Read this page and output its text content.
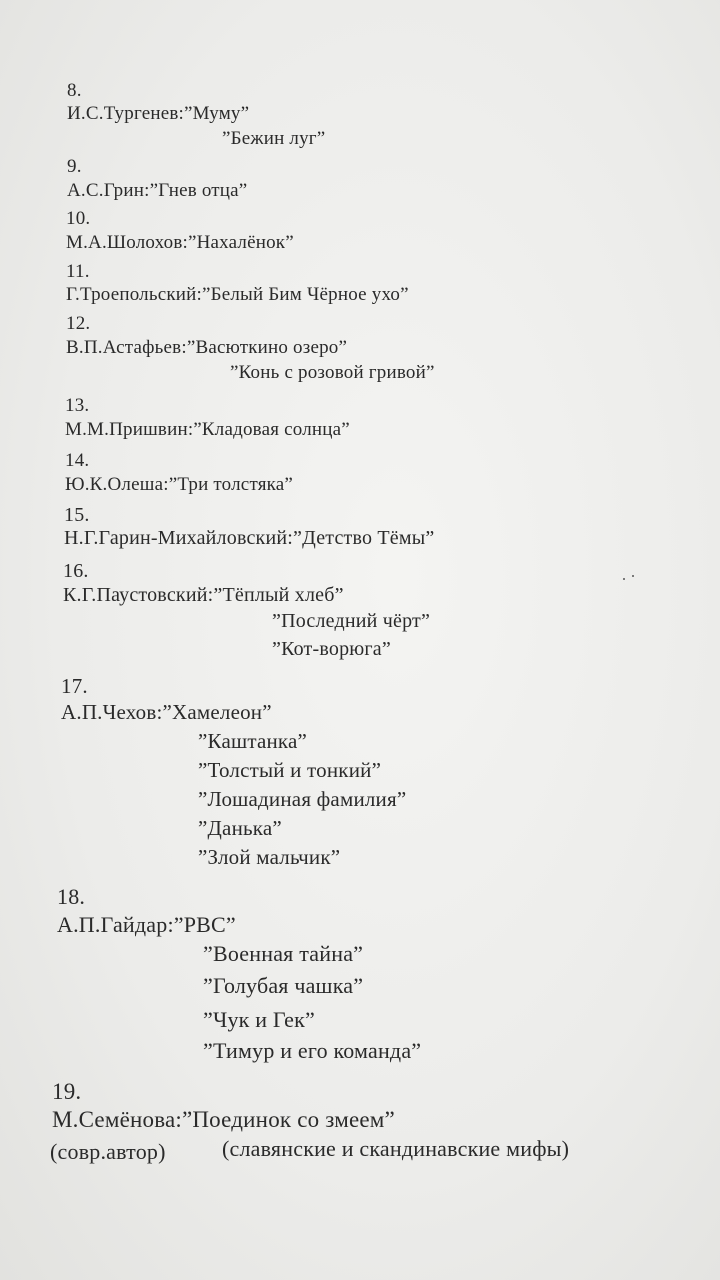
8.
И.С.Тургенев:”Муму”
”Бежин луг”
9.
А.С.Грин:”Гнев отца”
10.
М.А.Шолохов:”Нахалёнок”
11.
Г.Троепольский:”Белый Бим Чёрное ухо”
12.
В.П.Астафьев:”Васюткино озеро”
”Конь с розовой гривой”
13.
М.М.Пришвин:”Кладовая солнца”
14.
Ю.К.Олеша:”Три толстяка”
15.
Н.Г.Гарин-Михайловский:”Детство Тёмы”
16.
К.Г.Паустовский:”Тёплый хлеб”
”Последний чёрт”
”Кот-ворюга”
17.
А.П.Чехов:”Хамелеон”
”Каштанка”
”Толстый и тонкий”
”Лошадиная фамилия”
”Данька”
”Злой мальчик”
18.
А.П.Гайдар:”РВС”
”Военная тайна”
”Голубая чашка”
”Чук и Гек”
”Тимур и его команда”
19.
М.Семёнова:”Поединок со змеем”
(совр.автор)	(славянские и скандинавские мифы)
